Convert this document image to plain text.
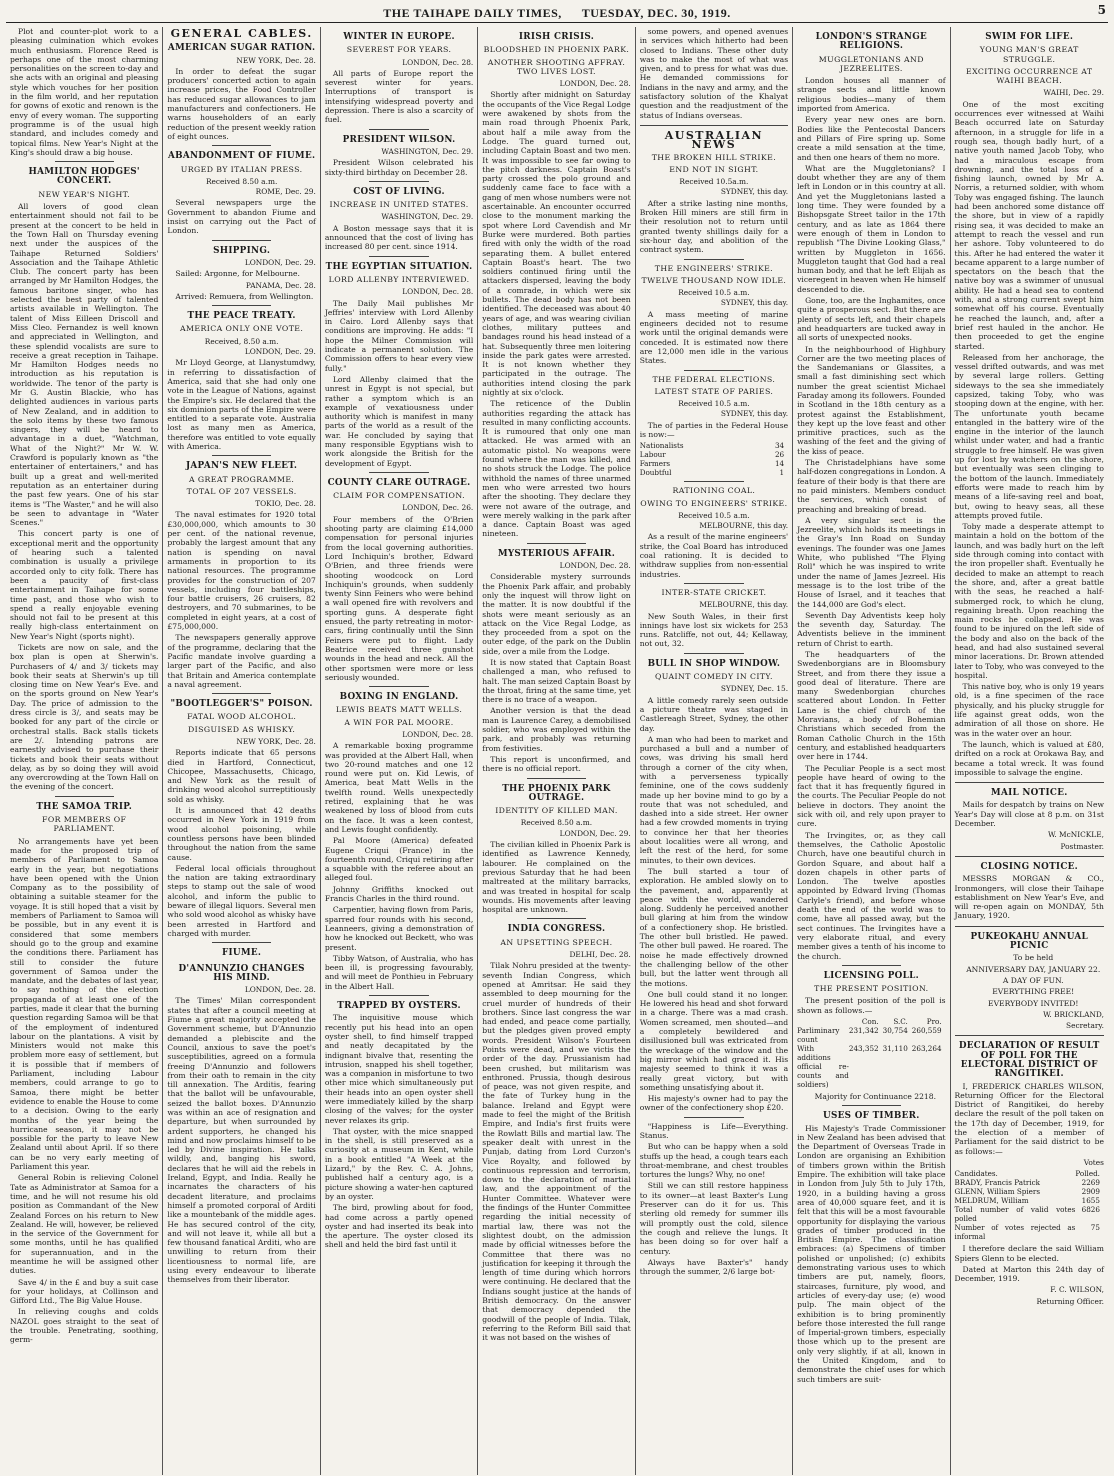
THE TAIHAPE DAILY TIMES, TUESDAY, DEC. 30, 1919.	5

Plot and counter-plot work to a pleasing culmination which evokes much enthusiasm. Florence Reed is perhaps one of the most charming personalities on the screen to-day and she acts with an original and pleasing style which vouches for her position in the film world, and her reputation for gowns of exotic and renown is the envy of every woman. The supporting programme is of the usual high standard, and includes comedy and topical films. New Year's Night at the King's should draw a big house.

HAMILTON HODGES' CONCERT.
NEW YEAR'S NIGHT.

All lovers of good clean entertainment should not fail to be present at the concert to be held in the Town Hall on Thursday evening next under the auspices of the Taihape Returned Soldiers' Association and the Taihape Athletic Club. The concert party has been arranged by Mr Hamilton Hodges, the famous baritone singer, who has selected the best party of talented artists available in Wellington. The talent of Miss Eilleen Driscoll and Miss Cleo. Fernandez is well known and appreciated in Wellington, and these splendid vocalists are sure to receive a great reception in Taihape. Mr Hamilton Hodges needs no introduction as his reputation is worldwide. The tenor of the party is Mr G. Austin Blackie, who has delighted audiences in various parts of New Zealand, and in addition to the solo items by these two famous singers, they will be heard to advantage in a duet, "Watchman, What of the Night?" Mr W. W. Crawford is popularly known as "the entertainer of entertainers," and has built up a great and well-merited reputation as an entertainer during the past few years. One of his star items is "The Waster," and he will also be seen to advantage in "Water Scenes."

This concert party is one of exceptional merit and the opportunity of hearing such a talented combination is usually a privilege accorded only to city folk. There has been a paucity of first-class entertainment in Taihape for some time past, and those who wish to spend a really enjoyable evening should not fail to be present at this really high-class entertainment on New Year's Night (sports night).

Tickets are now on sale, and the box plan is open at Sherwin's. Purchasers of 4/ and 3/ tickets may book their seats at Sherwin's up till closing time on New Year's Eve. and on the sports ground on New Year's Day. The price of admission to the dress circle is 3/, and seats may be booked for any part of the circle or orchestral stalls. Back stalls tickets are 2/. Intending patrons are earnestly advised to purchase their tickets and book their seats without delay, as by so doing they will avoid any overcrowding at the Town Hall on the evening of the concert.

THE SAMOA TRIP.
FOR MEMBERS OF PARLIAMENT.

No arrangements have yet been made for the proposed trip of members of Parliament to Samoa early in the year, but negotiations have been opened with the Union Company as to the possibility of obtaining a suitable steamer for the voyage. It is still hoped that a visit by members of Parliament to Samoa will be possible, but in any event it is considered that some members should go to the group and examine the conditions there. Parliament has still to consider the future government of Samoa under the mandate, and the debates of last year, to say nothing of the election propaganda of at least one of the parties, made it clear that the burning question regarding Samoa will be that of the employment of indentured labour on the plantations. A visit by Ministers would not make this problem more easy of settlement, but it is possible that if members of Parliament, including Labour members, could arrange to go to Samoa, there might be better evidence to enable the House to come to a decision. Owing to the early months of the year being the hurricane season, it may not be possible for the party to leave New Zealand until about April. If so there can be no very early meeting of Parliament this year.

General Robin is relieving Colonel Tate as Administrator at Samoa for a time, and he will not resume his old position as Commandant of the New Zealand Forces on his return to New Zealand. He will, however, be relieved in the service of the Government for some months, until he has qualified for superannuation, and in the meantime he will be assigned other duties.

Save 4/ in the £ and buy a suit case for your holidays, at Collinson and Gifford Ltd., The Big Value House.

In relieving coughs and colds NAZOL goes straight to the seat of the trouble. Penetrating, soothing, germ-

GENERAL CABLES.
AMERICAN SUGAR RATION.
NEW YORK, Dec. 28.

In order to defeat the sugar producers' concerted action to again increase prices, the Food Controller has reduced sugar allowances to jam manufacturers and confectioners. He warns householders of an early reduction of the present weekly ration of eight ounces.

ABANDONMENT OF FIUME.
URGED BY ITALIAN PRESS.
Received 8.50 a.m.
ROME, Dec. 29.

Several newspapers urge the Government to abandon Fiume and insist on carrying out the Pact of London.

SHIPPING.
LONDON, Dec. 29.

Sailed: Argonne, for Melbourne.

PANAMA, Dec. 28.

Arrived: Remuera, from Wellington.

THE PEACE TREATY.
AMERICA ONLY ONE VOTE.
Received, 8.50 a.m.
LONDON, Dec. 29.

Mr Lloyd George, at Llanystumdwy, in referring to dissatisfaction of America, said that she had only one vote in the League of Nations, against the Empire's six. He declared that the six dominion parts of the Empire were entitled to a separate vote. Australia lost as many men as America, therefore was entitled to vote equally with America.

JAPAN'S NEW FLEET.
A GREAT PROGRAMME.
TOTAL OF 207 VESSELS.
TOKIO, Dec. 28.

The naval estimates for 1920 total £30,000,000, which amounts to 30 per cent. of the national revenue, probably the largest amount that any nation is spending on naval armaments in proportion to its national resources. The programme provides for the construction of 207 vessels, including four battleships, four battle cruisers, 26 cruisers, 82 destroyers, and 70 submarines, to be completed in eight years, at a cost of £75,000,000.

The newspapers generally approve of the programme, declaring that the Pacific mandate involve guarding a larger part of the Pacific, and also that Britain and America contemplate a naval agreement.

"BOOTLEGGER'S" POISON.
FATAL WOOD ALCOHOL.
DISGUISED AS WHISKY.
NEW YORK, Dec. 28.

Reports indicate that 65 persons died in Hartford, Connecticut, Chicopee, Massachusetts, Chicago, and New York as the result of drinking wood alcohol surreptitiously sold as whisky.

It is announced that 42 deaths occurred in New York in 1919 from wood alcohol poisoning, while countless persons have been blinded throughout the nation from the same cause.

Federal local officials throughout the nation are taking extraordinary steps to stamp out the sale of wood alcohol, and inform the public to beware of illegal liquors. Several men who sold wood alcohol as whisky have been arrested in Hartford and charged with murder.

FIUME.
D'ANNUNZIO CHANGES HIS MIND.
LONDON, Dec. 28.

The Times' Milan correspondent states that after a council meeting at Fiume a great majority accepted the Government scheme, but D'Annunzio demanded a plebiscite and the Council, anxious to save the poet's susceptibilities, agreed on a formula freeing D'Annunzio and followers from their oath to remain in the city till annexation. The Arditis, fearing that the ballot will be unfavourable, seized the ballot boxes. D'Annunzio was within an ace of resignation and departure, but when surrounded by ardent supporters, he changed his mind and now proclaims himself to be led by Divine inspiration. He talks wildly, and, banging his sword, declares that he will aid the rebels in Ireland, Egypt, and India. Really he incarnates the characters of his decadent literature, and proclaims himself a promoted corporal of Arditi like a mountebank of the middle ages. He has secured control of the city, and will not leave it, while all but a few thousand fanatical Arditi, who are unwilling to return from their licentiousness to normal life, are using every endeavour to liberate themselves from their liberator.

WINTER IN EUROPE.
SEVEREST FOR YEARS.
LONDON, Dec. 28.

All parts of Europe report the severest winter for years. Interruptions of transport is intensifying widespread poverty and depression. There is also a scarcity of fuel.

PRESIDENT WILSON.
WASHINGTON, Dec. 29.

President Wilson celebrated his sixty-third birthday on December 28.

COST OF LIVING.
INCREASE IN UNITED STATES.
WASHINGTON, Dec. 29.

A Boston message says that it is announced that the cost of living has increased 80 per cent. since 1914.

THE EGYPTIAN SITUATION.
LORD ALLENBY INTERVIEWED.
LONDON, Dec. 28.

The Daily Mail publishes Mr Jeffries' interview with Lord Allenby in Cairo. Lord Allenby says that conditions are improving. He adds: "I hope the Milner Commission will indicate a permanent solution. The Commission offers to hear every view fully."

Lord Allenby claimed that the unrest in Egypt is not special, but rather a symptom which is an example of vexatiousness under authority which is manifest in many parts of the world as a result of the war. He concluded by saying that many responsible Egyptians wish to work alongside the British for the development of Egypt.

COUNTY CLARE OUTRAGE.
CLAIM FOR COMPENSATION.
LONDON, Dec. 26.

Four members of the O'Brien shooting party are claiming £14,000 compensation for personal injuries from the local governing authorities. Lord Inchiquin's brother, Edward O'Brien, and three friends were shooting woodcock on Lord Inchiquin's grounds, when suddenly twenty Sinn Feiners who were behind a wall opened fire with revolvers and sporting guns. A desperate fight ensued, the party retreating in motor-cars, firing continually until the Sinn Feiners were put to flight. Lady Beatrice received three gunshot wounds in the head and neck. All the other sportsmen were more or less seriously wounded.

BOXING IN ENGLAND.
LEWIS BEATS MATT WELLS.
A WIN FOR PAL MOORE.
LONDON, Dec. 28.

A remarkable boxing programme was provided at the Albert Hall, when two 20-round matches and one 12 round were put on. Kid Lewis, of America, beat Matt Wells in the twelfth round. Wells unexpectedly retired, explaining that he was weakened by loss of blood from cuts on the face. It was a keen contest, and Lewis fought confidently.

Pal Moore (America) defeated Eugene Criqui (France) in the fourteenth round, Criqui retiring after a squabble with the referee about an alleged foul.

Johnny Griffiths knocked out Francis Charles in the third round.

Carpentier, having flown from Paris, sparred four rounds with his second, Leanneers, giving a demonstration of how he knocked out Beckett, who was present.

Tibby Watson, of Australia, who has been ill, is progressing favourably, and will meet de Ponthieu in February in the Albert Hall.

TRAPPED BY OYSTERS.

The inquisitive mouse which recently put his head into an open oyster shell, to find himself trapped and neatly decapitated by the indignant bivalve that, resenting the intrusion, snapped his shell together, was a companion in misfortune to two other mice which simultaneously put their heads into an open oyster shell were immediately killed by the sharp closing of the valves; for the oyster never relaxes its grip.

That oyster, with the mice snapped in the shell, is still preserved as a curiosity at a museum in Kent, while in a book entitled "A Week at the Lizard," by the Rev. C. A. Johns, published half a century ago, is a picture showing a water-hen captured by an oyster.

The bird, prowling about for food, had come across a partly opened oyster and had inserted its beak into the aperture. The oyster closed its shell and held the bird fast until it

IRISH CRISIS.
BLOODSHED IN PHOENIX PARK.
ANOTHER SHOOTING AFFRAY. TWO LIVES LOST.
LONDON, Dec. 28.

Shortly after midnight on Saturday the occupants of the Vice Regal Lodge were awakened by shots from the main road through Phoenix Park, about half a mile away from the Lodge. The guard turned out, including Captain Boast and two men. It was impossible to see far owing to the pitch darkness. Captain Boast's party crossed the polo ground and suddenly came face to face with a gang of men whose numbers were not ascertainable. An encounter occurred close to the monument marking the spot where Lord Cavendish and Mr Burke were murdered. Both parties fired with only the width of the road separating them. A bullet entered Captain Boast's heart. The two soldiers continued firing until the attackers dispersed, leaving the body of a comrade, in which were six bullets. The dead body has not been identified. The deceased was about 40 years of age, and was wearing civilian clothes, military puttees and bandages round his head instead of a hat. Subsequently three men loitering inside the park gates were arrested. It is not known whether they participated in the outrage. The authorities intend closing the park nightly at six o'clock.

The reticence of the Dublin authorities regarding the attack has resulted in many conflicting accounts. It is rumoured that only one man attacked. He was armed with an automatic pistol. No weapons were found where the man was killed, and no shots struck the Lodge. The police withhold the names of three unarmed men who were arrested two hours after the shooting. They declare they were not aware of the outrage, and were merely walking in the park after a dance. Captain Boast was aged nineteen.

MYSTERIOUS AFFAIR.
LONDON, Dec. 28.

Considerable mystery surrounds the Phoenix Park affair, and probably only the inquest will throw light on the matter. It is now doubtful if the shots were meant seriously as an attack on the Vice Regal Lodge, as they proceeded from a spot on the outer edge, of the park on the Dublin side, over a mile from the Lodge.

It is now stated that Captain Boast challenged a man, who refused to halt. The man seized Captain Boast by the throat, firing at the same time, yet there is no trace of a weapon.

Another version is that the dead man is Laurence Carey, a demobilised soldier, who was employed within the park, and probably was returning from festivities.

This report is unconfirmed, and there is no official report.

THE PHOENIX PARK OUTRAGE.
IDENTITY OF KILLED MAN.
Received 8.50 a.m.
LONDON, Dec. 29.

The civilian killed in Phoenix Park is identified as Lawrence Kennedy, labourer. He complained on the previous Saturday that he had been maltreated at the military barracks, and was treated in hospital for scalp wounds. His movements after leaving hospital are unknown.

INDIA CONGRESS.
AN UPSETTING SPEECH.
DELHI, Dec. 28.

Tilak Nohru presided at the twenty-seventh Indian Congress, which opened at Amritsar. He said they assembled to deep mourning for the cruel murder of hundreds of their brothers. Since last congress the war had ended, and peace come partially, but the pledges given proved empty words. President Wilson's Fourteen Points were dead, and we victis the order of the day. Prussianism had been crushed, but militarism was enthroned. Prussia, though desirous of peace, was not given respite, and the fate of Turkey hung in the balance. Ireland and Egypt were made to feel the might of the British Empire, and India's first fruits were the Rowlatt Bills and martial law. The speaker dealt with unrest in the Punjab, dating from Lord Curzon's Vice Royalty, and followed by continuous repression and terrorism, down to the declaration of martial law, and the appointment of the Hunter Committee. Whatever were the findings of the Hunter Committee regarding the initial necessity of martial law, there was not the slightest doubt, on the admission made by official witnesses before the Committee that there was no justification for keeping it through the length of time during which horrors were continuing. He declared that the Indians sought justice at the hands of British democracy. On the answer that democracy depended the goodwill of the people of India. Tilak, referring to the Reform Bill said that it was not based on the wishes of

some powers, and opened avenues in services which hitherto had been closed to Indians. These other duty was to make the most of what was given, and to press for what was due. He demanded commissions for Indians in the navy and army, and the satisfactory solution of the Khalyat question and the readjustment of the status of Indians overseas.

AUSTRALIAN NEWS
THE BROKEN HILL STRIKE.
END NOT IN SIGHT.
Received 10.5a.m.
SYDNEY, this day.

After a strike lasting nine months, Broken Hill miners are still firm in their resolution not to return until granted twenty shillings daily for a six-hour day, and abolition of the contract system.

THE ENGINEERS' STRIKE.
TWELVE THOUSAND NOW IDLE.
Received 10.5 a.m.
SYDNEY, this day.

A mass meeting of marine engineers decided not to resume work until the original demands were conceded. It is estimated now there are 12,000 men idle in the various States.

THE FEDERAL ELECTIONS.
LATEST STATE OF PARIES.
Received 10.5 a.m.
SYDNEY, this day.

The of parties in the Federal House is now:—

Nationalists	34
Labour	26
Farmers	14
Doubtful	1
RATIONING COAL.
OWING TO ENGINEERS' STRIKE.
Received 10.5 a.m.
MELBOURNE, this day.

As a result of the marine engineers' strike, the Coal Board has introduced coal rationing. It is decided to withdraw supplies from non-essential industries.

INTER-STATE CRICKET.
MELBOURNE, this day.

New South Wales, in their first innings have lost six wickets for 253 runs. Ratcliffe, not out, 44; Kellaway, not out, 32.

BULL IN SHOP WINDOW.
QUAINT COMEDY IN CITY.
SYDNEY, Dec. 15.

A little comedy rarely seen outside a picture theatre was staged in Castlereagh Street, Sydney, the other day.

A man who had been to market and purchased a bull and a number of cows, was driving his small herd through a corner of the city when, with a perverseness typically feminine, one of the cows suddenly made up her bovine mind to go by a route that was not scheduled, and dashed into a side street. Her owner had a few crowded moments in trying to convince her that her theories about localities were all wrong, and left the rest of the herd, for some minutes, to their own devices.

The bull started a tour of exploration. He ambled slowly on to the pavement, and, apparently at peace with the world, wandered along. Suddenly he perceived another bull glaring at him from the window of a confectionery shop. He bristled. The other bull bristled. He pawed. The other bull pawed. He roared. The noise he made effectively drowned the challenging bellow of the other bull, but the latter went through all the motions.

One bull could stand it no longer. He lowered his head and shot forward in a charge. There was a mad crash. Women screamed, men shouted—and a completely bewildered and disillusioned bull was extricated from the wreckage of the window and the big mirror which had graced it. His majesty seemed to think it was a really great victory, but with something unsatisfying about it.

His majesty's owner had to pay the owner of the confectionery shop £20.

"Happiness is Life—Everything. Stanus.

But who can be happy when a sold stuffs up the head, a cough tears each throat-membrane, and chest troubles tortures the lungs? Why, no one!

Still we can still restore happiness to its owner—at least Baxter's Lung Preserver can do it for us. This sterling old remedy for summer ills will promptly oust the cold, silence the cough and relieve the lungs. It has been doing so for over half a century.

Always have Baxter's" handy through the summer, 2/6 large bot-

LONDON'S STRANGE RELIGIONS.
MUGGLETONIANS AND JEZREELITES.

London houses all manner of strange sects and little known religious bodies—many of them imported from America.

Every year new ones are born. Bodies like the Pentecostal Dancers and Pillars of Fire spring up. Some create a mild sensation at the time, and then one hears of them no more.

What are the Muggletonians? I doubt whether they are any of them left in London or in this country at all. And yet the Muggletonians lasted a long time. They were founded by a Bishopsgate Street tailor in the 17th century, and as late as 1864 there were enough of them in London to republish "The Divine Looking Glass," written by Muggleton in 1656. Muggleton taught that God had a real human body, and that he left Elijah as viceregent in heaven when He himself descended to die.

Gone, too, are the Inghamites, once quite a prosperous sect. But there are plenty of sects left, and their chapels and headquarters are tucked away in all sorts of unexpected nooks.

In the neighbourhood of Highbury Corner are the two meeting places of the Sandemanians or Glassites, a small a fast diminishing sect which number the great scientist Michael Faraday among its followers. Founded in Scotland in the 18th century as a protest against the Establishment, they kept up the love feast and other primitive practices, such as the washing of the feet and the giving of the kiss of peace.

The Christadelphians have some half-dozen congregations in London. A feature of their body is that there are no paid ministers. Members conduct the services, which consist of preaching and breaking of bread.

A very singular sect is the Jezreelite, which holds its meetings in the Gray's Inn Road on Sunday evenings. The founder was one James White, who published "The Flying Roll" which he was inspired to write under the name of James Jezreel. His message is to the lost tribe of the House of Israel, and it teaches that the 144,000 are God's elect.

Seventh Day Adventists keep holy the seventh day, Saturday. The Adventists believe in the imminent return of Christ to earth.

The headquarters of the Swedenborgians are in Bloomsbury Street, and from there they issue a good deal of literature. There are many Swedenborgian churches scattered about London. In Fetter Lane is the chief church of the Moravians, a body of Bohemian Christians which seceded from the Roman Catholic Church in the 15th century, and established headquarters over here in 1744.

The Peculiar People is a sect most people have heard of owing to the fact that it has frequently figured in the courts. The Peculiar People do not believe in doctors. They anoint the sick with oil, and rely upon prayer to cure.

The Irvingites, or, as they call themselves, the Catholic Apostolic Church, have one beautiful church in Gordon Square, and about half a dozen chapels in other parts of London. The twelve apostles appointed by Edward Irving (Thomas Carlyle's friend), and before whose death the end of the world was to come, have all passed away, but the sect continues. The Irvingites have a very elaborate ritual, and every member gives a tenth of his income to the church.

LICENSING POLL.
THE PRESENT POSITION.

The present position of the poll is shown as follows.—

	Con.	S.C.	Pro.
Parliminary count	231,342	30,754	260,559
With additions official re-counts and soldiers)	243,352	31,110	263,264

Majority for Continuance 2218.

USES OF TIMBER.

His Majesty's Trade Commissioner in New Zealand has been advised that the Department of Overseas Trade in London are organising an Exhibition of timbers grown within the British Empire. The exhibition will take place in London from July 5th to July 17th, 1920, in a building having a gross area of 40,000 square feet, and it is felt that this will be a most favourable opportunity for displaying the various grades of timber produced in the British Empire. The classification embraces: (a) Specimens of timber polished or unpolished; (c) exhibits demonstrating various uses to which timbers are put, namely, floors, staircases, furniture, ply wood, and articles of every-day use; (e) wood pulp. The main object of the exhibition is to bring prominently before those interested the full range of Imperial-grown timbers, especially those which up to the present are only very slightly, if at all, known in the United Kingdom, and to demonstrate the chief uses for which such timbers are suit-

SWIM FOR LIFE.
YOUNG MAN'S GREAT STRUGGLE.
EXCITING OCCURRENCE AT WAIHI BEACH.
WAIHI, Dec. 29.

One of the most exciting occurrences ever witnessed at Waihi Beach occurred late on Saturday afternoon, in a struggle for life in a rough sea, though badly hurt, of a native youth named Jacob Toby, who had a miraculous escape from drowning, and the total loss of a fishing launch, owned by Mr A. Norris, a returned soldier, with whom Toby was engaged fishing. The launch had been anchored some distance off the shore, but in view of a rapidly rising sea, it was decided to make an attempt to reach the vessel and run her ashore. Toby volunteered to do this. After he had entered the water it became apparent to a large number of spectators on the beach that the native boy was a swimmer of unusual ability. He had a head sea to contend with, and a strong current swept him somewhat off his course. Eventually he reached the launch, and, after a brief rest hauled in the anchor. He then proceeded to get the engine started.

Released from her anchorage, the vessel drifted outwards, and was met by several large rollers. Getting sideways to the sea she immediately capsized, taking Toby, who was stooping down at the engine, with her. The unfortunate youth became entangled in the battery wire of the engine in the interior of the launch whilst under water, and had a frantic struggle to free himself. He was given up for lost by watchers on the shore, but eventually was seen clinging to the bottom of the launch. Immediately efforts were made to reach him by means of a life-saving reel and boat, but, owing to heavy seas, all these attempts proved futile.

Toby made a desperate attempt to maintain a hold on the bottom of the launch, and was badly hurt on the left side through coming into contact with the iron propeller shaft. Eventually he decided to make an attempt to reach the shore, and, after a great battle with the seas, he reached a half-submerged rock, to which he clung, regaining breath. Upon reaching the main rocks he collapsed. He was found to be injured on the left side of the body and also on the back of the head, and had also sustained several minor lacerations. Dr. Brown attended later to Toby, who was conveyed to the hospital.

This native boy, who is only 19 years old, is a fine specimen of the race physically, and his plucky struggle for life against great odds, won the admiration of all those on shore. He was in the water over an hour.

The launch, which is valued at £80, drifted on a rock at Orokawa Bay, and became a total wreck. It was found impossible to salvage the engine.

MAIL NOTICE.

Mails for despatch by trains on New Year's Day will close at 8 p.m. on 31st December.

W. McNICKLE,

Postmaster.

CLOSING NOTICE.

MESSRS MORGAN & CO., Ironmongers, will close their Taihape establishment on New Year's Eve, and will re-open again on MONDAY, 5th January, 1920.

PUKEOKAHU ANNUAL PICNIC

To be held

ANNIVERSARY DAY, JANUARY 22.

A DAY OF FUN.

EVERYTHING FREE!

EVERYBODY INVITED!

W. BRICKLAND,

Secretary.

DECLARATION OF RESULT OF POLL FOR THE ELECTORAL DISTRICT OF RANGITIKEI.

I, FREDERICK CHARLES WILSON, Returning Officer for the Electoral District of Rangitikei, do hereby declare the result of the poll taken on the 17th day of December, 1919, for the election of a member of Parliament for the said district to be as follows:—

Votes

Candidates.	Polled.
BRADY, Francis Patrick	2269
GLENN, William Spiers	2909
MELDRUM, William	1655
Total number of valid votes polled	6826
Number of votes rejected as informal	75

I therefore declare the said William Spiers Glenn to be elected.

Dated at Marton this 24th day of December, 1919.

F. C. WILSON,

Returning Officer.
